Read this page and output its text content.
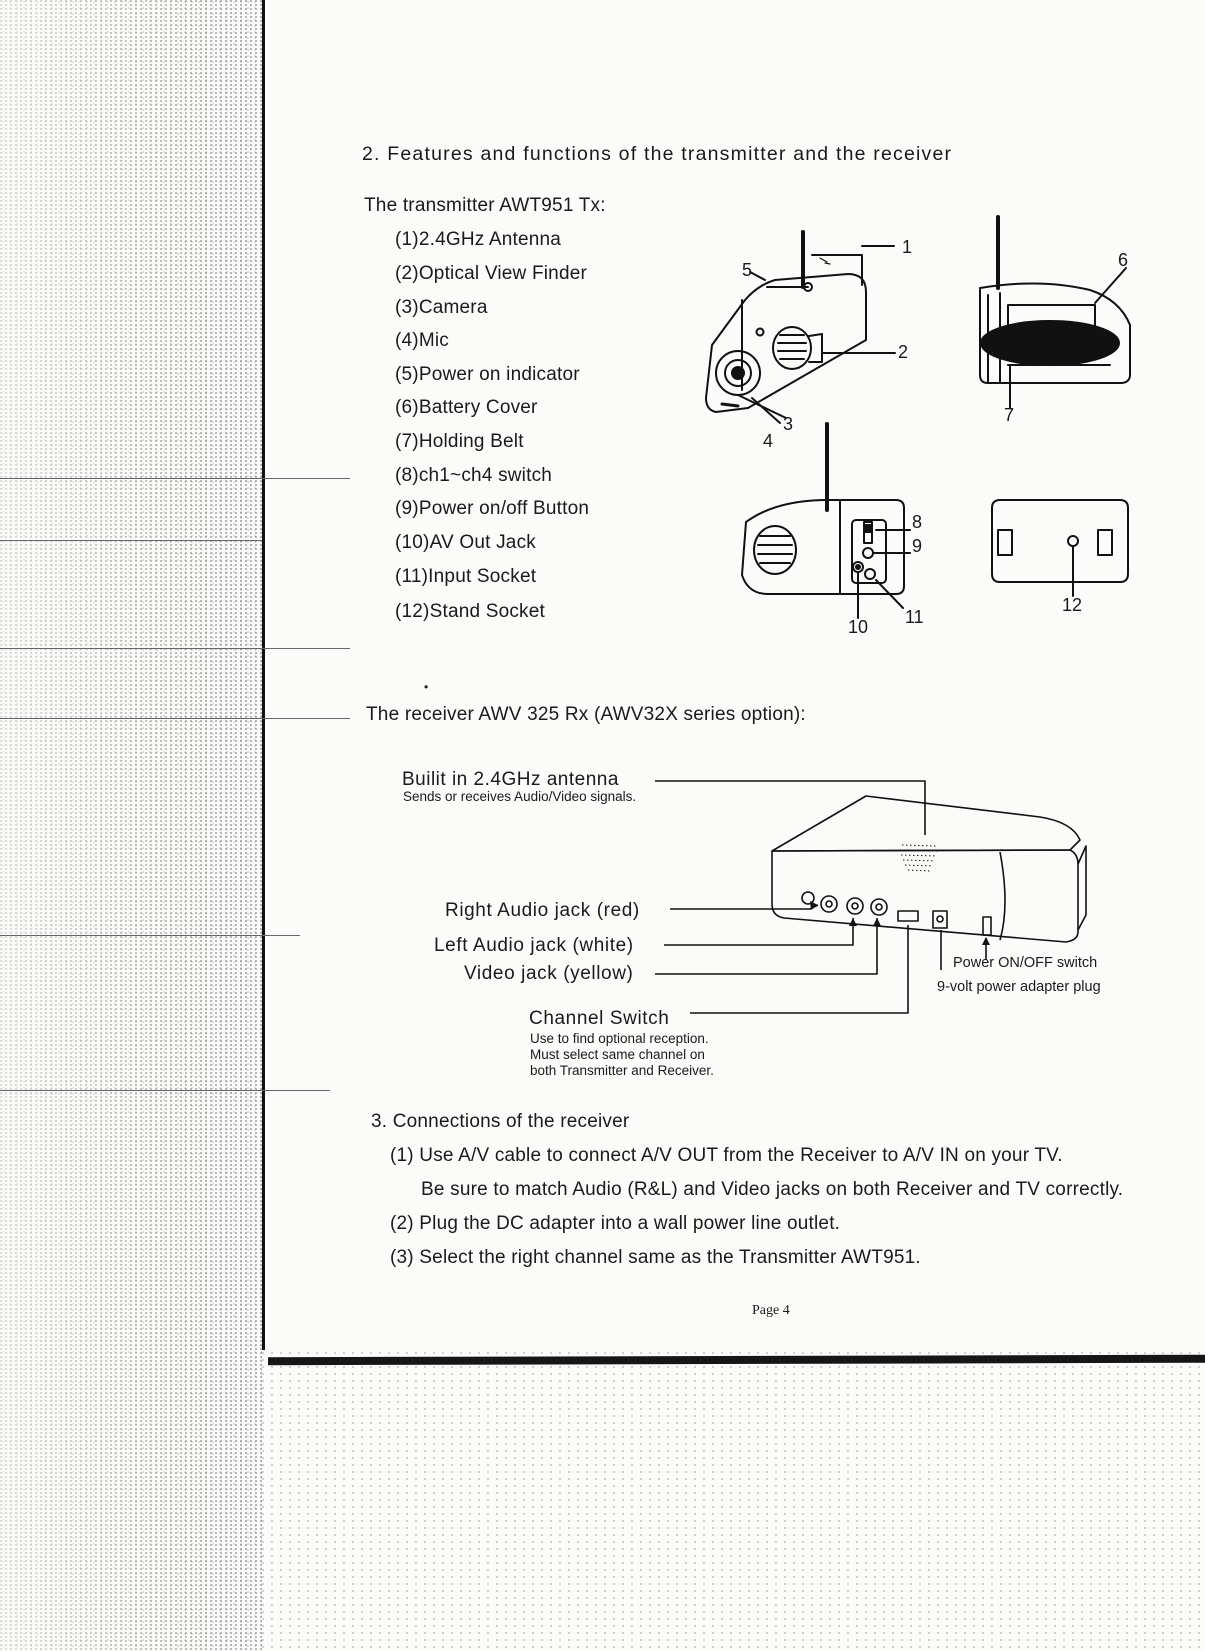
2. Features and functions of the transmitter and the receiver
The transmitter AWT951 Tx:
(1)2.4GHz Antenna
(2)Optical View Finder
(3)Camera
(4)Mic
(5)Power on indicator
(6)Battery Cover
(7)Holding Belt
(8)ch1~ch4 switch
(9)Power on/off Button
(10)AV Out Jack
(11)Input Socket
(12)Stand Socket
1
2
3
4
5	6
7
8
9
10 11
12
•
The receiver AWV 325 Rx (AWV32X series option):
Builit in 2.4GHz antenna
Sends or receives Audio/Video signals.
Right Audio jack (red)
Left Audio jack (white)
Video jack (yellow)	Power ON/OFF switch
9-volt power adapter plug
Channel Switch
Use to find optional reception.
Must select same channel on
both Transmitter and Receiver.
3. Connections of the receiver
(1) Use A/V cable to connect A/V OUT from the Receiver to A/V IN on your TV.
Be sure to match Audio (R&L) and Video jacks on both Receiver and TV correctly.
(2) Plug the DC adapter into a wall power line outlet.
(3) Select the right channel same as the Transmitter AWT951.
Page 4
